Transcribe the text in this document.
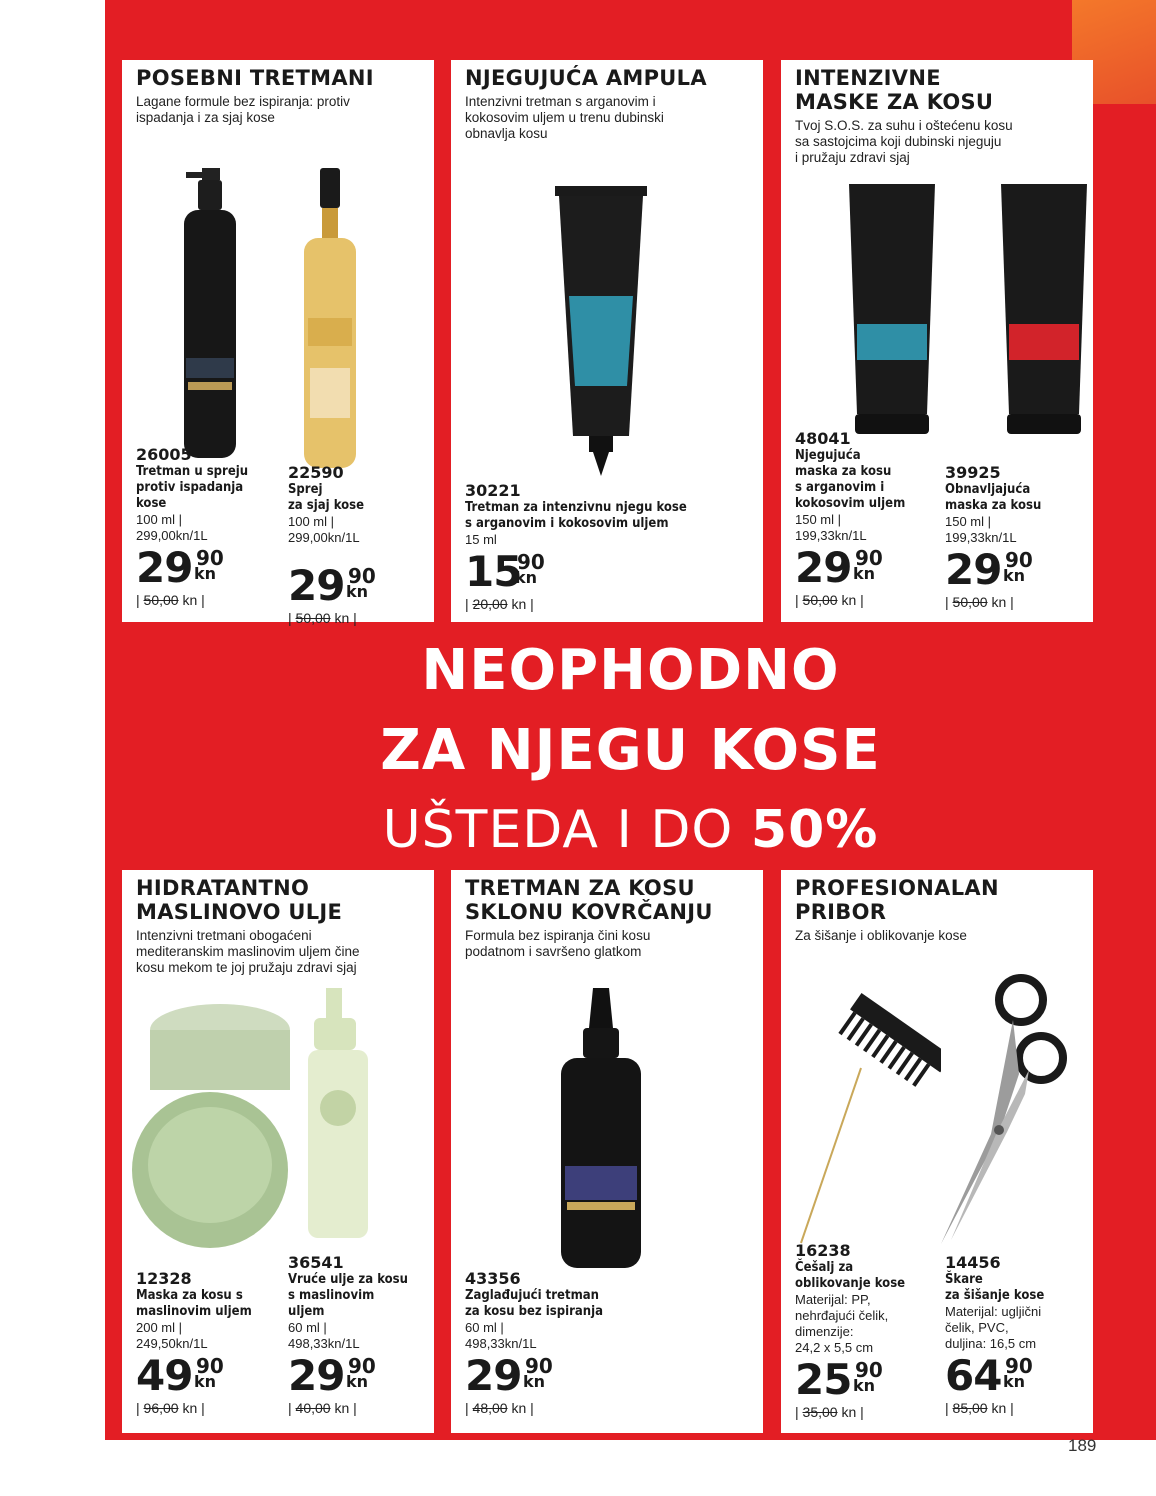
POSEBNI TRETMANI
Lagane formule bez ispiranja: protiv
ispadanja i za sjaj kose
26005
Tretman u spreju
protiv ispadanja
kose
100 ml |
299,00kn/1L
29 90
kn
| 50,00 kn |
22590
Sprej
za sjaj kose
100 ml |
299,00kn/1L
29 90
kn
| 50,00 kn |
NJEGUJUĆA AMPULA
Intenzivni tretman s arganovim i
kokosovim uljem u trenu dubinski
obnavlja kosu
30221
Tretman za intenzivnu njegu kose
s arganovim i kokosovim uljem
15 ml
15
90
kn
| 20,00 kn |
INTENZIVNE
MASKE ZA KOSU
Tvoj S.O.S. za suhu i oštećenu kosu
sa sastojcima koji dubinski njeguju
i pružaju zdravi sjaj
48041
Njegujuća
maska za kosu
s arganovim i
kokosovim uljem
150 ml |
199,33kn/1L
29 90
kn
| 50,00 kn |
39925
Obnavljajuća
maska za kosu
150 ml |
199,33kn/1L
29 90
kn
| 50,00 kn |
NEOPHODNO
ZA NJEGU KOSE
UŠTEDA I DO 50%
HIDRATANTNO
MASLINOVO ULJE
Intenzivni tretmani obogaćeni
mediteranskim maslinovim uljem čine
kosu mekom te joj pružaju zdravi sjaj
12328
Maska za kosu s
maslinovim uljem
200 ml |
249,50kn/1L
49 90
kn
| 96,00 kn |
36541
Vruće ulje za kosu
s maslinovim
uljem
60 ml |
498,33kn/1L
29 90
kn
| 40,00 kn |
TRETMAN ZA KOSU
SKLONU KOVRČANJU
Formula bez ispiranja čini kosu
podatnom i savršeno glatkom
43356
Zaglađujući tretman
za kosu bez ispiranja
60 ml |
498,33kn/1L
29 90
kn
| 48,00 kn |
PROFESIONALAN
PRIBOR
Za šišanje i oblikovanje kose
16238
Češalj za
oblikovanje kose
Materijal: PP,
nehrđajući čelik,
dimenzije:
24,2 x 5,5 cm
25 90
kn
| 35,00 kn |
14456
Škare
za šišanje kose
Materijal: ugljični
čelik, PVC,
duljina: 16,5 cm
64 90
kn
| 85,00 kn |
189
